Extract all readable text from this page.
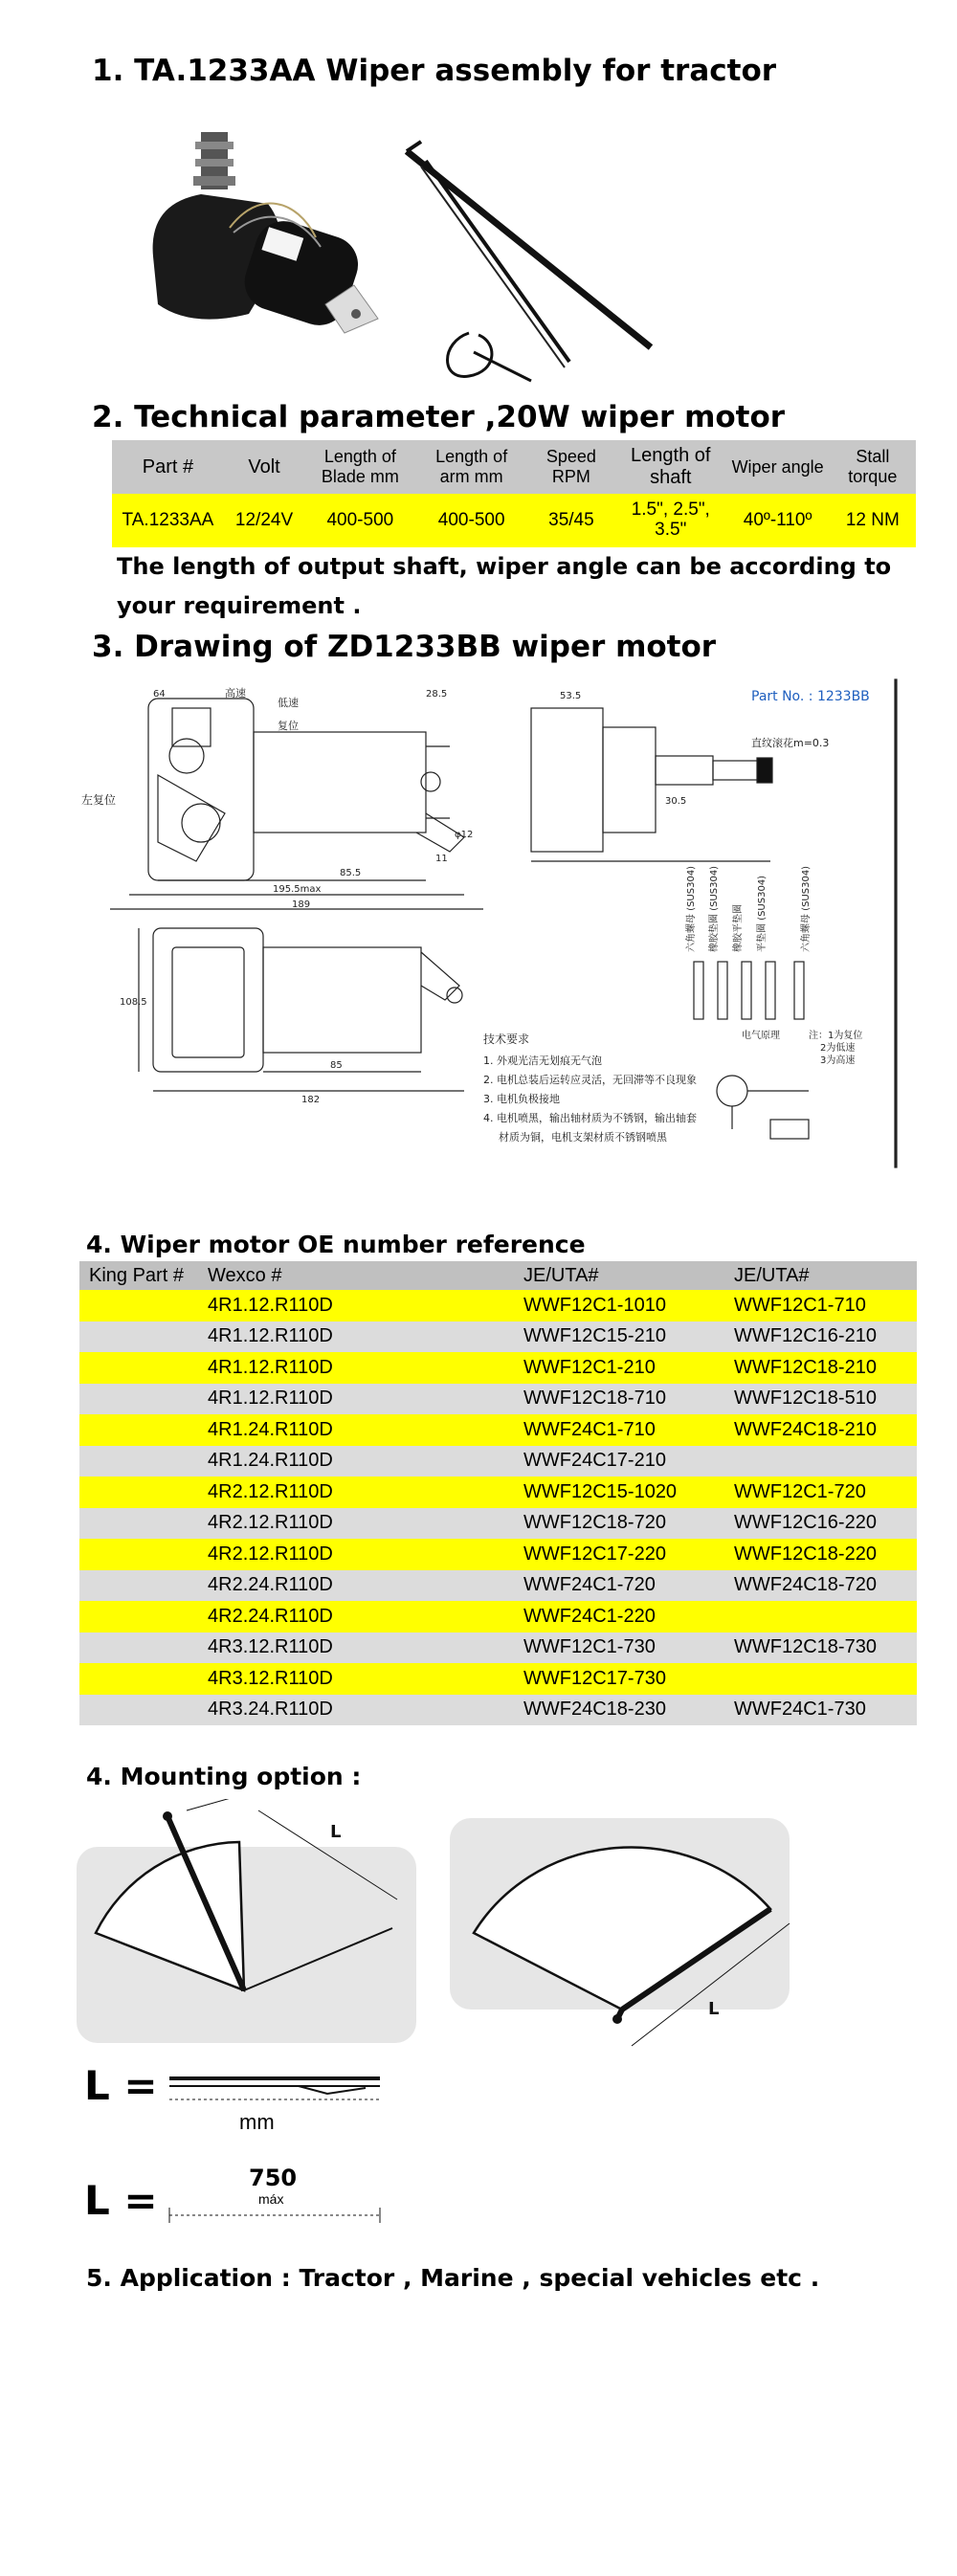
1. TA.1233AA Wiper assembly for tractor
2. Technical parameter ,20W wiper motor
Part #	Volt	Length of Blade mm	Length of arm mm	Speed RPM	Length of shaft	Wiper angle	Stall torque
TA.1233AA	12/24V	400-500	400-500	35/45	1.5", 2.5", 3.5"	40º-110º	12 NM
The length of output shaft, wiper angle can be according to your requirement .
3. Drawing of ZD1233BB wiper motor
Part No. : 1233BB
左复位
高速
低速
复位
直纹滚花m=0.3
64	28.5	53.5
189
195.5max
85.5
85
182
108.5
30.5
11
φ12
六角螺母 (SUS304) 橡胶垫圈 (SUS304) 橡胶平垫圈 平垫圈 (SUS304)	六角螺母 (SUS304)
技术要求
1. 外观光洁无划痕无气泡
2. 电机总装后运转应灵活，无回滞等不良现象
3. 电机负极接地
4. 电机喷黑，输出轴材质为不锈钢，输出轴套
材质为铜，电机支架材质不锈钢喷黑
电气原理	注：1为复位
2为低速
3为高速
4. Wiper motor OE number reference
King Part #	Wexco #	JE/UTA#	JE/UTA#
	4R1.12.R110D	WWF12C1-1010	WWF12C1-710
	4R1.12.R110D	WWF12C15-210	WWF12C16-210
	4R1.12.R110D	WWF12C1-210	WWF12C18-210
	4R1.12.R110D	WWF12C18-710	WWF12C18-510
	4R1.24.R110D	WWF24C1-710	WWF24C18-210
	4R1.24.R110D	WWF24C17-210	
	4R2.12.R110D	WWF12C15-1020	WWF12C1-720
	4R2.12.R110D	WWF12C18-720	WWF12C16-220
	4R2.12.R110D	WWF12C17-220	WWF12C18-220
	4R2.24.R110D	WWF24C1-720	WWF24C18-720
	4R2.24.R110D	WWF24C1-220	
	4R3.12.R110D	WWF12C1-730	WWF12C18-730
	4R3.12.R110D	WWF12C17-730	
	4R3.24.R110D	WWF24C18-230	WWF24C1-730
4. Mounting option :
L
L
L =
mm
L =	750
máx
5. Application : Tractor , Marine , special vehicles etc .
